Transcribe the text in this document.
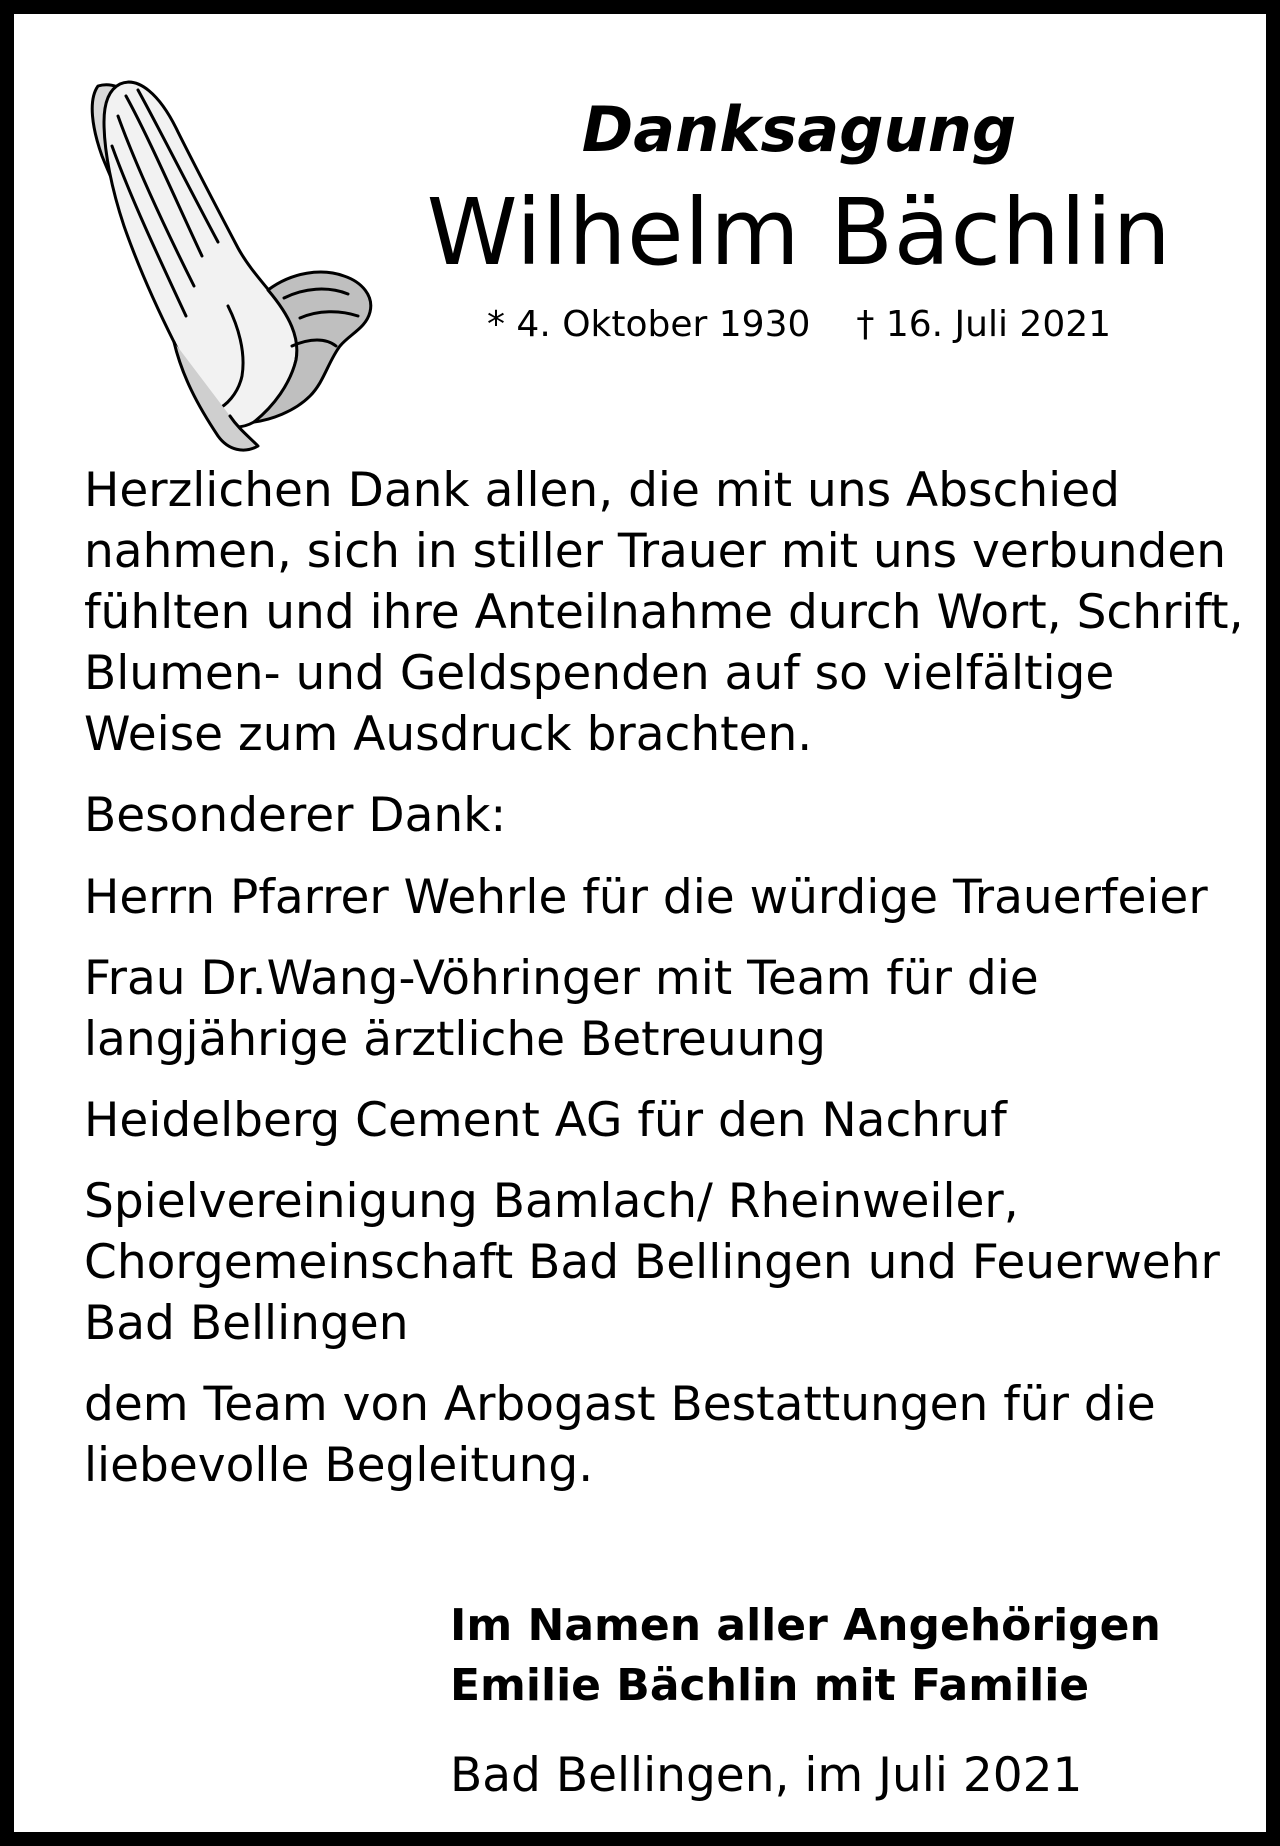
Danksagung
Wilhelm Bächlin
* 4. Oktober 1930 † 16. Juli 2021

Herzlichen Dank allen, die mit uns Abschied nahmen, sich in stiller Trauer mit uns verbunden fühlten und ihre Anteilnahme durch Wort, Schrift, Blumen- und Geldspenden auf so vielfältige Weise zum Ausdruck brachten.

Besonderer Dank:

Herrn Pfarrer Wehrle für die würdige Trauerfeier

Frau Dr.Wang-Vöhringer mit Team für die langjährige ärztliche Betreuung

Heidelberg Cement AG für den Nachruf

Spielvereinigung Bamlach/ Rheinweiler, Chorgemeinschaft Bad Bellingen und Feuerwehr Bad Bellingen

dem Team von Arbogast Bestattungen für die liebevolle Begleitung.

Im Namen aller Angehörigen
Emilie Bächlin mit Familie
Bad Bellingen, im Juli 2021
